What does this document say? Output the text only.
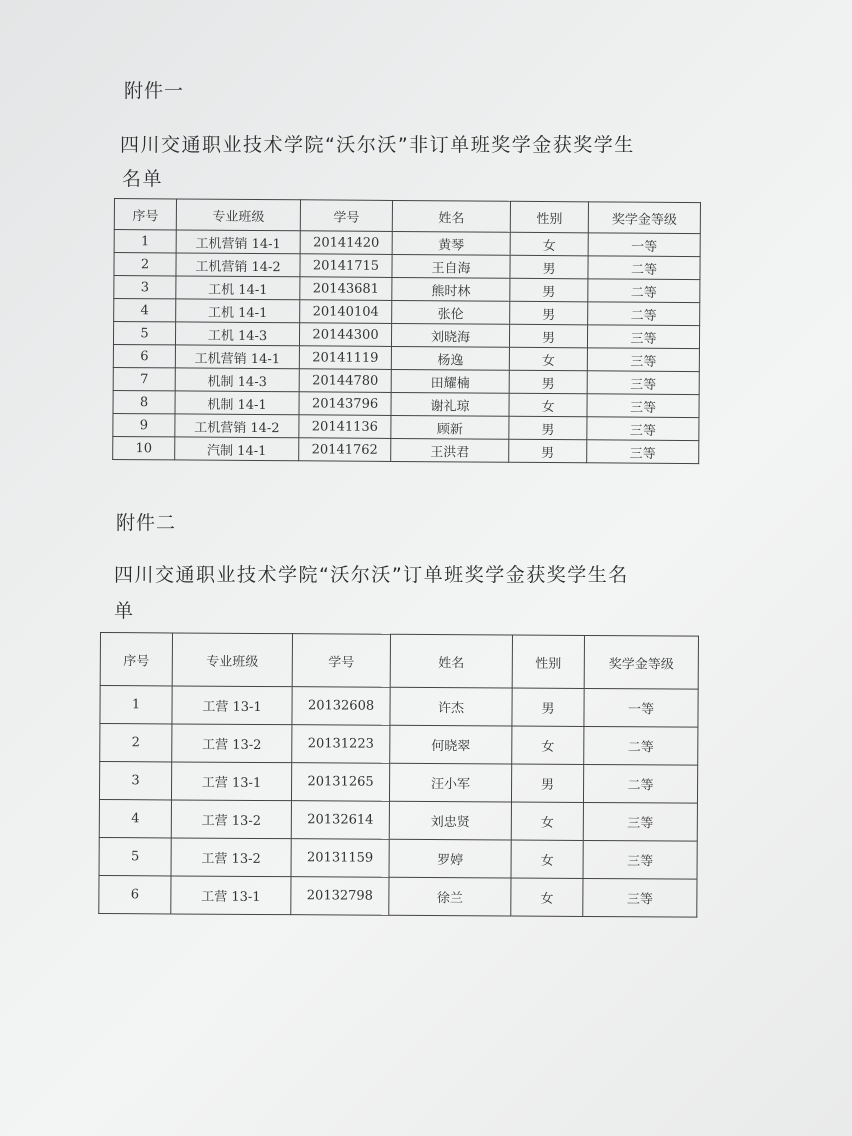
附件一
四川交通职业技术学院“沃尔沃”非订单班奖学金获奖学生
名单
序号	专业班级	学号	姓名	性别	奖学金等级
1	工机营销 14-1	20141420	黄琴	女	一等
2	工机营销 14-2	20141715	王自海	男	二等
3	工机 14-1	20143681	熊时林	男	二等
4	工机 14-1	20140104	张伦	男	二等
5	工机 14-3	20144300	刘晓海	男	三等
6	工机营销 14-1	20141119	杨逸	女	三等
7	机制 14-3	20144780	田耀楠	男	三等
8	机制 14-1	20143796	谢礼琼	女	三等
9	工机营销 14-2	20141136	顾新	男	三等
10	汽制 14-1	20141762	王洪君	男	三等
附件二
四川交通职业技术学院“沃尔沃”订单班奖学金获奖学生名
单
序号	专业班级	学号	姓名	性别	奖学金等级
1	工营 13-1	20132608	许杰	男	一等
2	工营 13-2	20131223	何晓翠	女	二等
3	工营 13-1	20131265	汪小军	男	二等
4	工营 13-2	20132614	刘忠贤	女	三等
5	工营 13-2	20131159	罗婷	女	三等
6	工营 13-1	20132798	徐兰	女	三等
